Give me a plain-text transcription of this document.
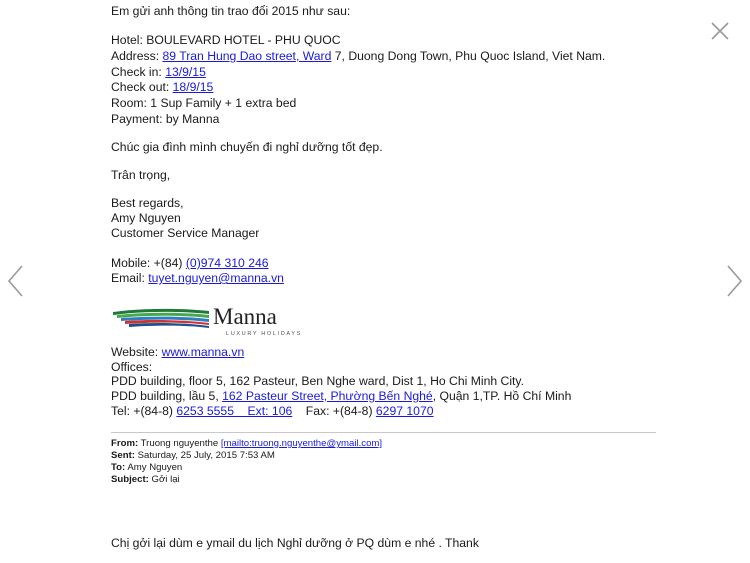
Em gửi anh thông tin trao đổi 2015 như sau:
Hotel: BOULEVARD HOTEL - PHU QUOC
Address: 89 Tran Hung Dao street, Ward 7, Duong Dong Town, Phu Quoc Island, Viet Nam.
Check in: 13/9/15
Check out: 18/9/15
Room: 1 Sup Family + 1 extra bed
Payment: by Manna
Chúc gia đình mình chuyến đi nghỉ dưỡng tốt đẹp.
Trân trọng,
Best regards,
Amy Nguyen
Customer Service Manager
Mobile: +(84) (0)974 310 246
Email: tuyet.nguyen@manna.vn
Manna
LUXURY HOLIDAYS
Website: www.manna.vn
Offices:
PDD building, floor 5, 162 Pasteur, Ben Nghe ward, Dist 1, Ho Chi Minh City.
PDD building, lầu 5, 162 Pasteur Street, Phường Bến Nghé, Quận 1,TP. Hồ Chí Minh
Tel: +(84-8) 6253 5555    Ext: 106    Fax: +(84-8) 6297 1070
From: Truong nguyenthe [mailto:truong.nguyenthe@ymail.com]
Sent: Saturday, 25 July, 2015 7:53 AM
To: Amy Nguyen
Subject: Gởi lại
Chị gởi lại dùm e ymail du lịch Nghỉ dưỡng ở PQ dùm e nhé . Thank
